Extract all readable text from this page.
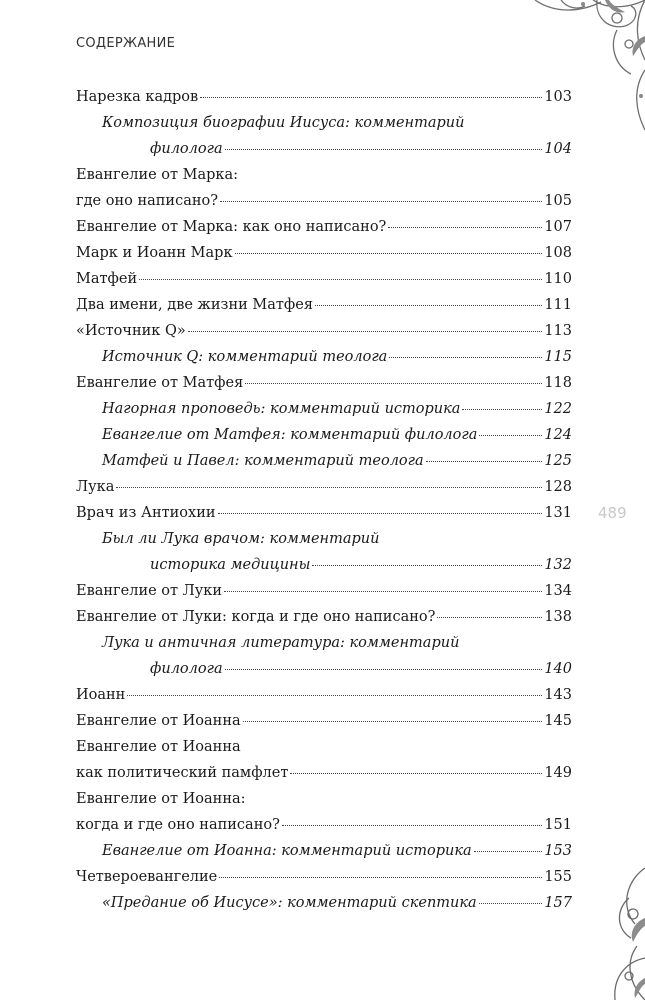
СОДЕРЖАНИЕ
489
Нарезка кадров	103
Композиция биографии Иисуса: комментарий
филолога	104
Евангелие от Марка:
где оно написано?	105
Евангелие от Марка: как оно написано?	107
Марк и Иоанн Марк	108
Матфей	110
Два имени, две жизни Матфея	111
«Источник Q»	113
Источник Q: комментарий теолога	115
Евангелие от Матфея	118
Нагорная проповедь: комментарий историка	122
Евангелие от Матфея: комментарий филолога	124
Матфей и Павел: комментарий теолога	125
Лука	128
Врач из Антиохии	131
Был ли Лука врачом: комментарий
историка медицины	132
Евангелие от Луки	134
Евангелие от Луки: когда и где оно написано?	138
Лука и античная литература: комментарий
филолога	140
Иоанн	143
Евангелие от Иоанна	145
Евангелие от Иоанна
как политический памфлет	149
Евангелие от Иоанна:
когда и где оно написано?	151
Евангелие от Иоанна: комментарий историка	153
Четвероевангелие	155
«Предание об Иисусе»: комментарий скептика	157
